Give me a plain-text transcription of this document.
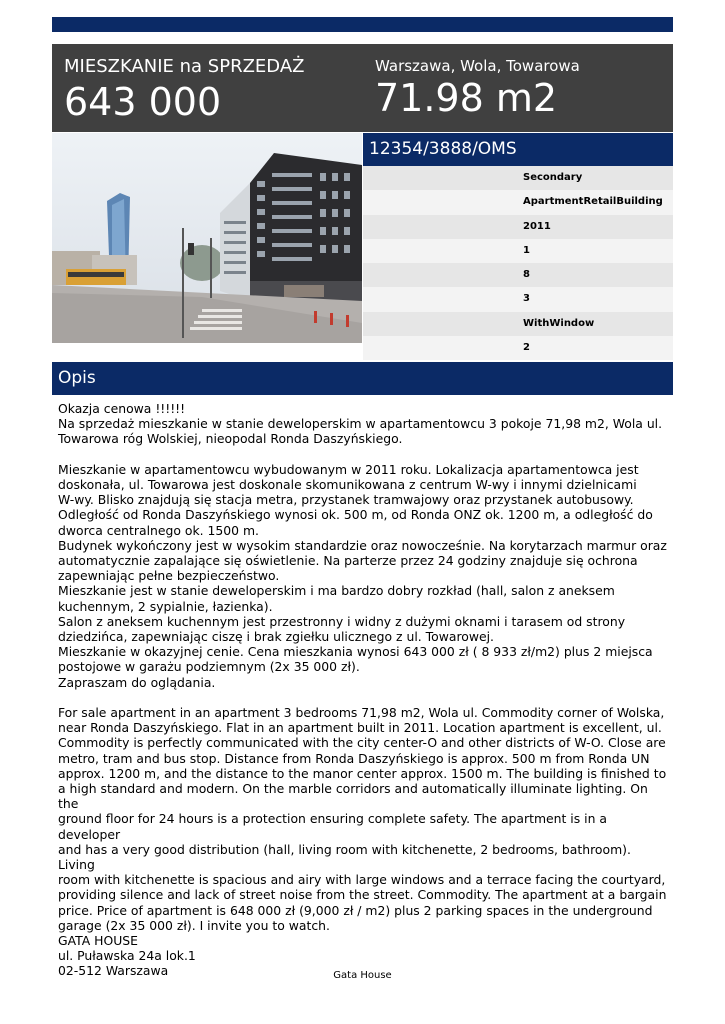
MIESZKANIE na SPRZEDAŻ
643 000
Warszawa, Wola, Towarowa
71.98 m2
12354/3888/OMS
Secondary
ApartmentRetailBuilding
2011
1
8
3
WithWindow
2
Opis

Okazja cenowa !!!!!!
Na sprzedaż mieszkanie w stanie deweloperskim w apartamentowcu 3 pokoje 71,98 m2, Wola ul.
Towarowa róg Wolskiej, nieopodal Ronda Daszyńskiego.

Mieszkanie w apartamentowcu wybudowanym w 2011 roku. Lokalizacja apartamentowca jest
doskonała, ul. Towarowa jest doskonale skomunikowana z centrum W-wy i innymi dzielnicami
W-wy. Blisko znajdują się stacja metra, przystanek tramwajowy oraz przystanek autobusowy.
Odległość od Ronda Daszyńskiego wynosi ok. 500 m, od Ronda ONZ ok. 1200 m, a odległość do
dworca centralnego ok. 1500 m.
Budynek wykończony jest w wysokim standardzie oraz nowocześnie. Na korytarzach marmur oraz
automatycznie zapalające się oświetlenie. Na parterze przez 24 godziny znajduje się ochrona
zapewniając pełne bezpieczeństwo.
Mieszkanie jest w stanie deweloperskim i ma bardzo dobry rozkład (hall, salon z aneksem
kuchennym, 2 sypialnie, łazienka).
Salon z aneksem kuchennym jest przestronny i widny z dużymi oknami i tarasem od strony
dziedzińca, zapewniając ciszę i brak zgiełku ulicznego z ul. Towarowej.
Mieszkanie w okazyjnej cenie. Cena mieszkania wynosi 643 000 zł ( 8 933 zł/m2) plus 2 miejsca
postojowe w garażu podziemnym (2x 35 000 zł).
Zapraszam do oglądania.

For sale apartment in an apartment 3 bedrooms 71,98 m2, Wola ul. Commodity corner of Wolska,
near Ronda Daszyńskiego. Flat in an apartment built in 2011. Location apartment is excellent, ul.
Commodity is perfectly communicated with the city center-O and other districts of W-O. Close are
metro, tram and bus stop. Distance from Ronda Daszyńskiego is approx. 500 m from Ronda UN
approx. 1200 m, and the distance to the manor center approx. 1500 m. The building is finished to
a high standard and modern. On the marble corridors and automatically illuminate lighting. On the
ground floor for 24 hours is a protection ensuring complete safety. The apartment is in a developer
and has a very good distribution (hall, living room with kitchenette, 2 bedrooms, bathroom). Living
room with kitchenette is spacious and airy with large windows and a terrace facing the courtyard,
providing silence and lack of street noise from the street. Commodity. The apartment at a bargain
price. Price of apartment is 648 000 zł (9,000 zł / m2) plus 2 parking spaces in the underground
garage (2x 35 000 zł). I invite you to watch.
GATA HOUSE
ul. Puławska 24a lok.1
02-512 Warszawa	Gata House
